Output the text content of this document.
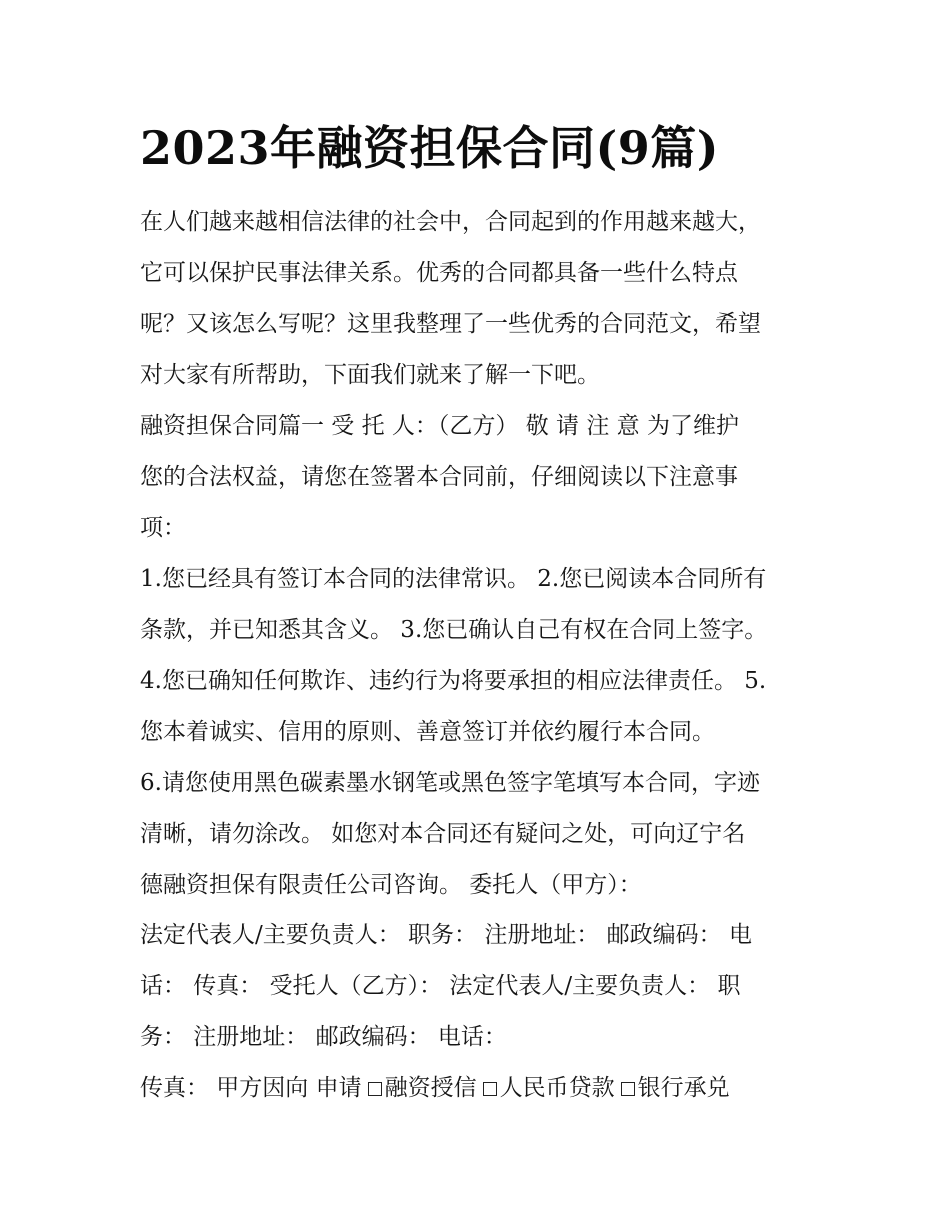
2023年融资担保合同(9篇)

在人们越来越相信法律的社会中，合同起到的作用越来越大，

它可以保护民事法律关系。优秀的合同都具备一些什么特点

呢？又该怎么写呢？这里我整理了一些优秀的合同范文，希望

对大家有所帮助，下面我们就来了解一下吧。

融资担保合同篇一 受 托 人：（乙方） 敬 请 注 意 为了维护

您的合法权益，请您在签署本合同前，仔细阅读以下注意事

项：

1.您已经具有签订本合同的法律常识。 2.您已阅读本合同所有

条款，并已知悉其含义。 3.您已确认自己有权在合同上签字。

4.您已确知任何欺诈、违约行为将要承担的相应法律责任。 5.

您本着诚实、信用的原则、善意签订并依约履行本合同。

6.请您使用黑色碳素墨水钢笔或黑色签字笔填写本合同，字迹

清晰，请勿涂改。 如您对本合同还有疑问之处，可向辽宁名

德融资担保有限责任公司咨询。 委托人（甲方）：

法定代表人/主要负责人： 职务： 注册地址： 邮政编码： 电

话： 传真： 受托人（乙方）： 法定代表人/主要负责人： 职

务： 注册地址： 邮政编码： 电话：

传真： 甲方因向 申请 融资授信 人民币贷款 银行承兑
